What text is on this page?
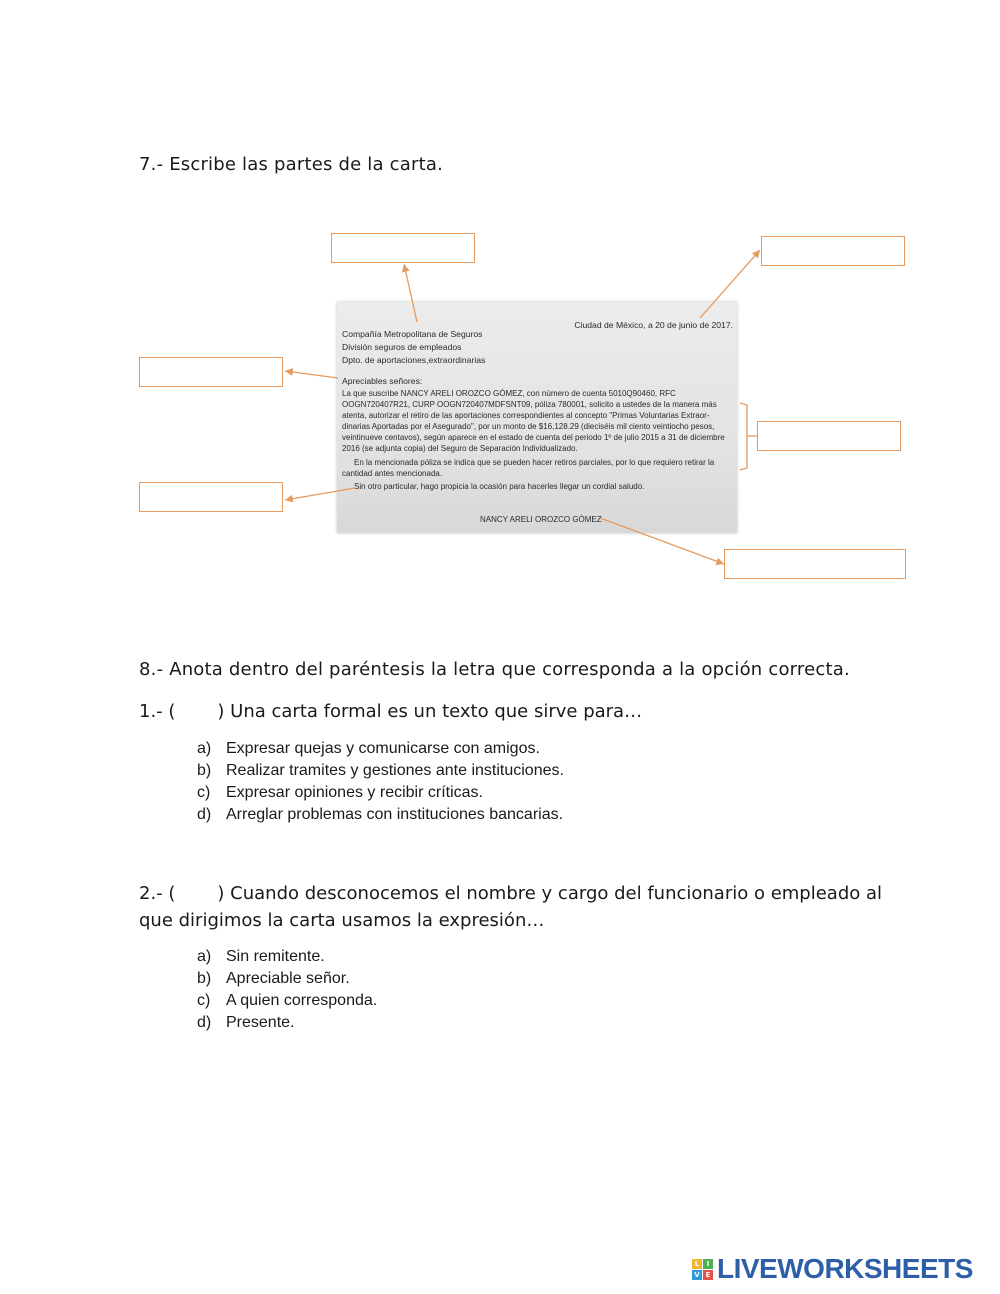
7.- Escribe las partes de la carta.
Ciudad de México, a 20 de junio de 2017.
Compañía Metropolitana de Seguros
División seguros de empleados
Dpto. de aportaciones,extraordinarias
Apreciables señores:
La que suscribe NANCY ARELI OROZCO GÓMEZ, con número de cuenta 5010Q90460, RFC
OOGN720407R21, CURP OOGN720407MDFSNT09, póliza 780001, solicito a ustedes de la manera más
atenta, autorizar el retiro de las aportaciones correspondientes al concepto "Primas Voluntarias Extraor-
dinarias Aportadas por el Asegurado", por un monto de $16,128.29 (dieciséis mil ciento veintiocho pesos,
veintinueve centavos), según aparece en el estado de cuenta del periodo 1º de julio 2015 a 31 de diciembre
2016 (se adjunta copia) del Seguro de Separación Individualizado.
En la mencionada póliza se indica que se pueden hacer retiros parciales, por lo que requiero retirar la
cantidad antes mencionada.
Sin otro particular, hago propicia la ocasión para hacerles llegar un cordial saludo.
NANCY ARELI OROZCO GÓMEZ
8.- Anota dentro del paréntesis la letra que corresponda a la opción correcta.
1.- ( ) Una carta formal es un texto que sirve para…
a) Expresar quejas y comunicarse con amigos.
b) Realizar tramites y gestiones ante instituciones.
c) Expresar opiniones y recibir críticas.
d) Arreglar problemas con instituciones bancarias.
2.- ( ) Cuando desconocemos el nombre y cargo del funcionario o empleado al
que dirigimos la carta usamos la expresión…
a) Sin remitente.
b) Apreciable señor.
c) A quien corresponda.
d) Presente.
L	I
V E LIVEWORKSHEETS
